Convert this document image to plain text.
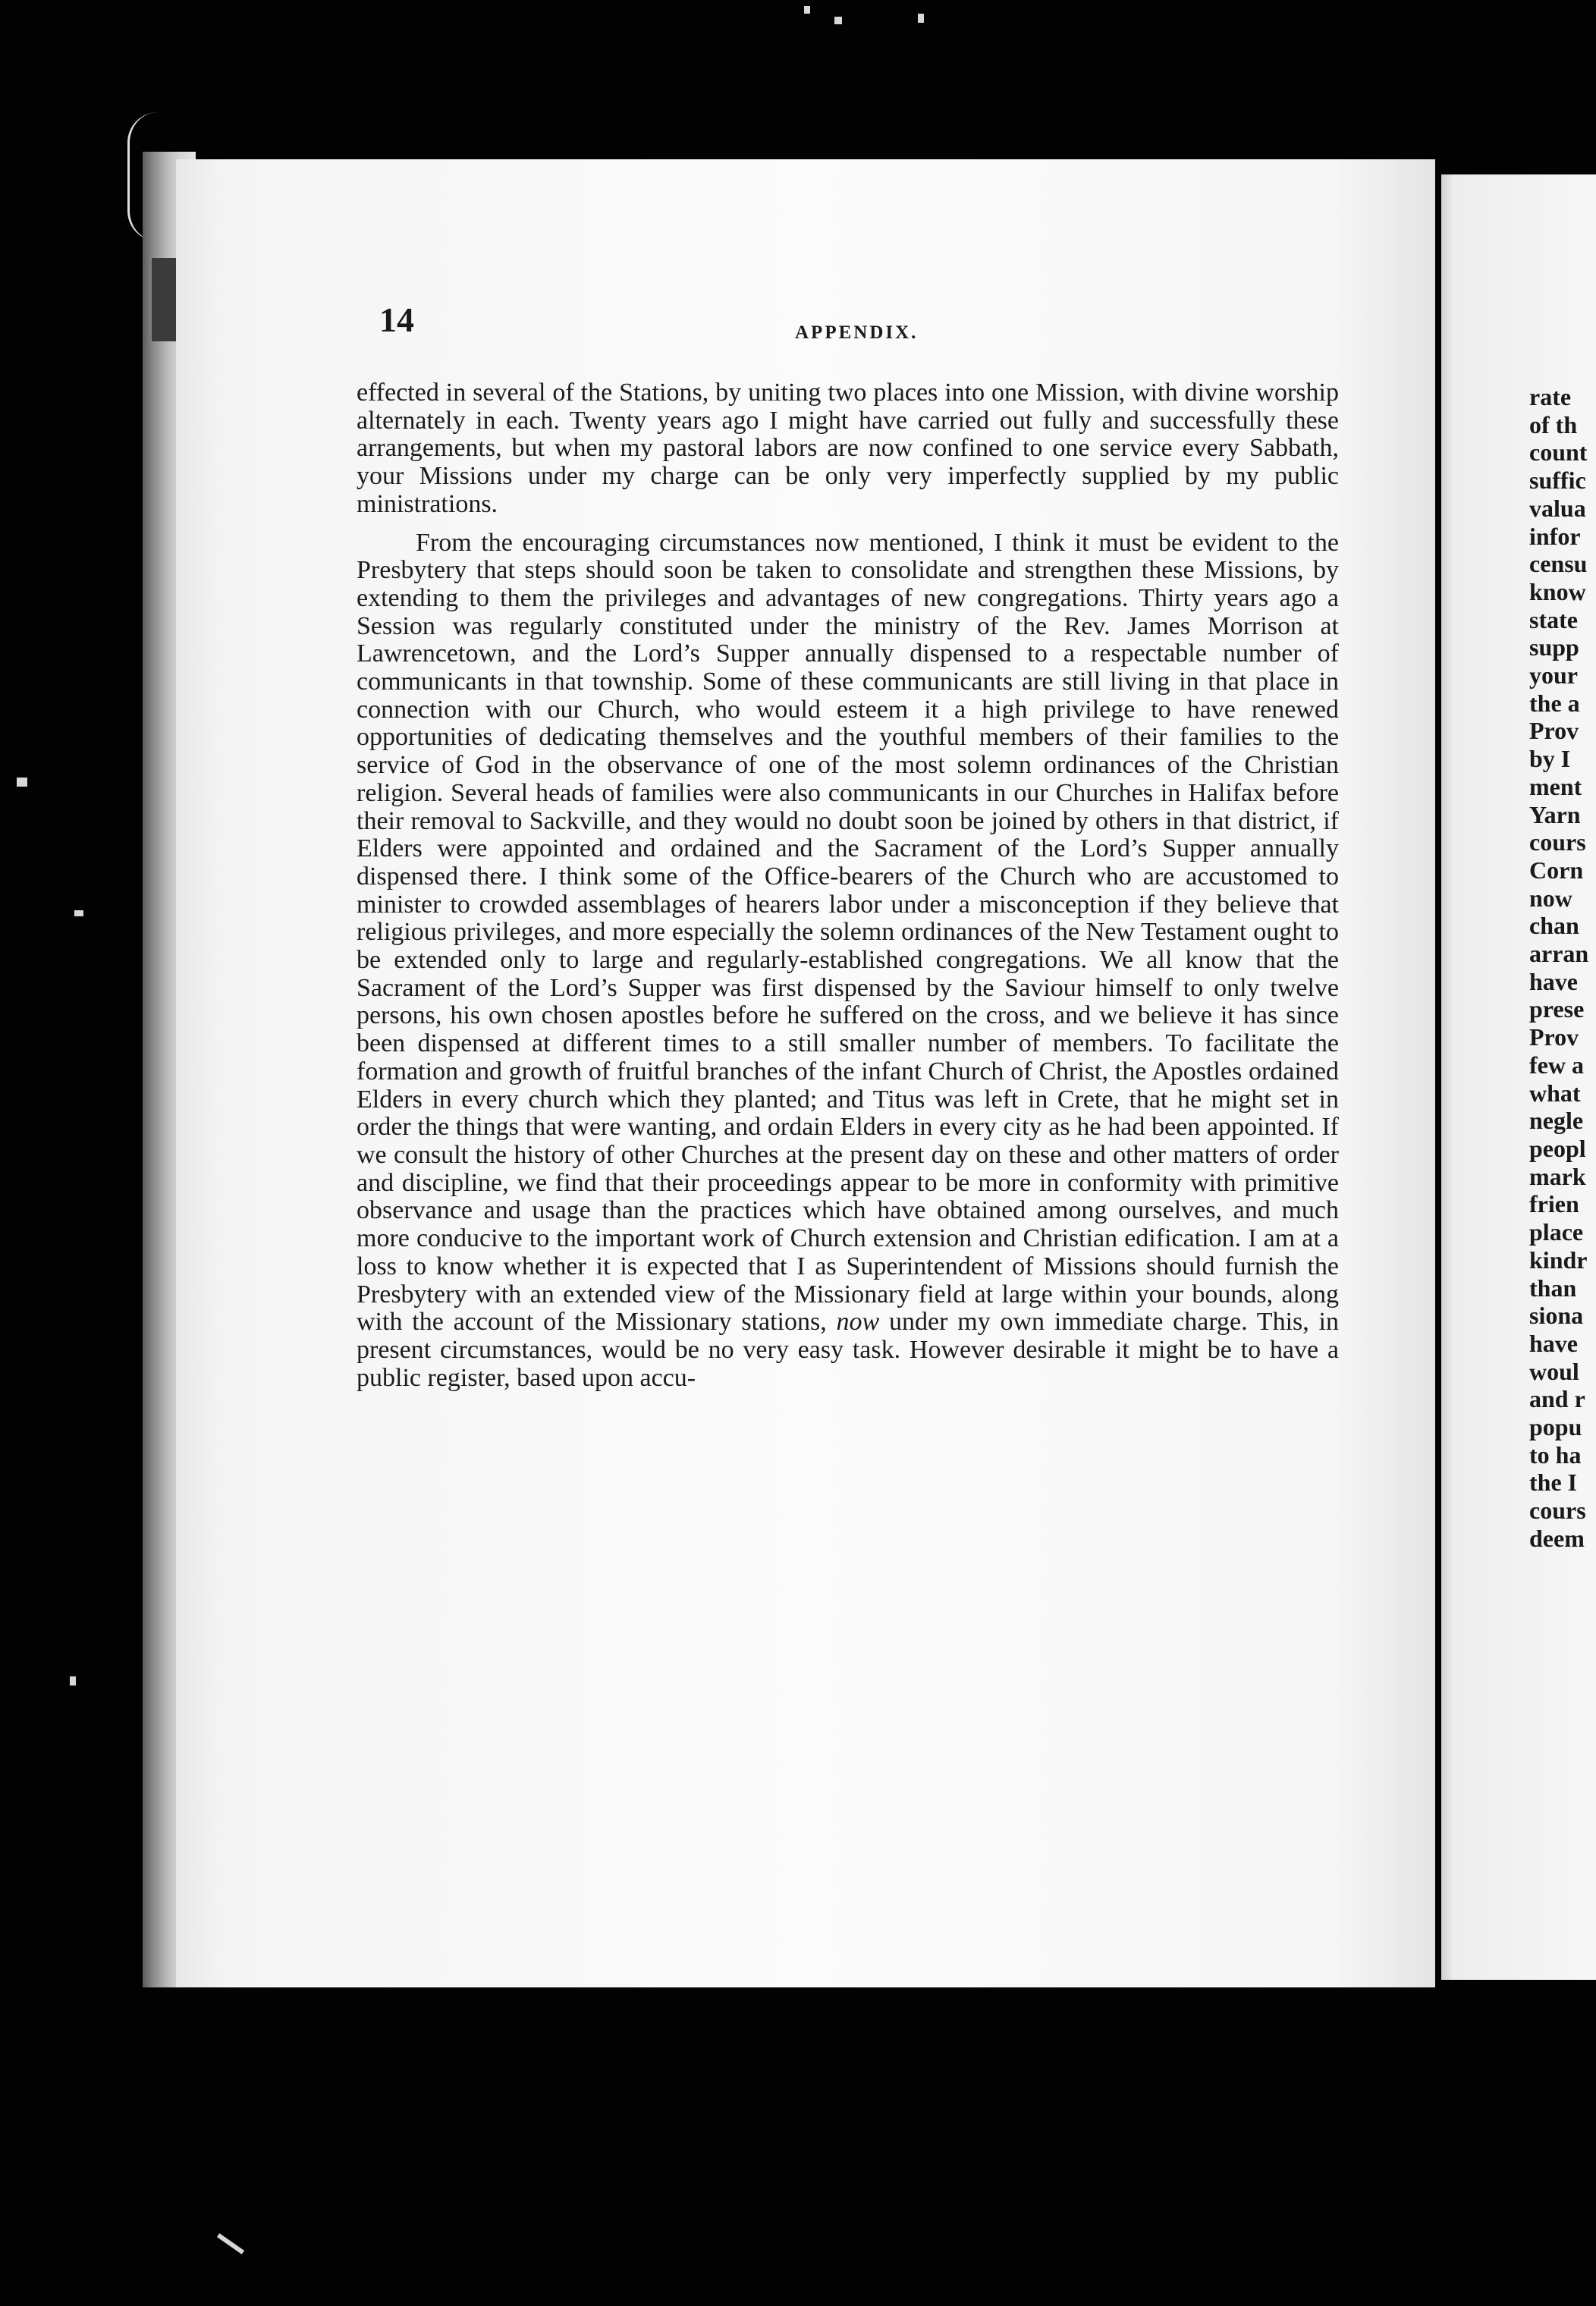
rate
of th
count
suffic
valua
infor
censu
know
state
supp
your
the a
Prov
by I
ment
Yarn
cours
Corn
now
chan
arran
have
prese
Prov
few a
what
negle
peopl
mark
frien
place
kindr
than
siona
have
woul
and r
popu
to ha
the I
cours
deem
14	APPENDIX.

effected in several of the Stations, by uniting two places into one Mission, with divine worship alternately in each. Twenty years ago I might have carried out fully and successfully these arrangements, but when my pastoral labors are now confined to one service every Sabbath, your Missions under my charge can be only very imperfectly supplied by my public ministrations.

From the encouraging circumstances now mentioned, I think it must be evident to the Presbytery that steps should soon be taken to consolidate and strengthen these Missions, by extending to them the privileges and advantages of new congregations. Thirty years ago a Session was regularly constituted under the ministry of the Rev. James Morrison at Lawrencetown, and the Lord’s Supper annually dispensed to a respectable number of communicants in that township. Some of these communicants are still living in that place in connection with our Church, who would esteem it a high privilege to have renewed opportunities of dedicating themselves and the youthful members of their families to the service of God in the observance of one of the most solemn ordinances of the Christian religion. Several heads of families were also communicants in our Churches in Halifax before their removal to Sackville, and they would no doubt soon be joined by others in that district, if Elders were appointed and ordained and the Sacrament of the Lord’s Supper annually dispensed there. I think some of the Office-bearers of the Church who are accustomed to minister to crowded assemblages of hearers labor under a misconception if they believe that religious privileges, and more especially the solemn ordinances of the New Testament ought to be extended only to large and regularly-established congregations. We all know that the Sacrament of the Lord’s Supper was first dispensed by the Saviour himself to only twelve persons, his own chosen apostles before he suffered on the cross, and we believe it has since been dispensed at different times to a still smaller number of members. To facilitate the formation and growth of fruitful branches of the infant Church of Christ, the Apostles ordained Elders in every church which they planted; and Titus was left in Crete, that he might set in order the things that were wanting, and ordain Elders in every city as he had been appointed. If we consult the history of other Churches at the present day on these and other matters of order and discipline, we find that their proceedings appear to be more in conformity with primitive observance and usage than the practices which have obtained among ourselves, and much more conducive to the important work of Church extension and Christian edification. I am at a loss to know whether it is expected that I as Superintendent of Missions should furnish the Presbytery with an extended view of the Missionary field at large within your bounds, along with the account of the Missionary stations, now under my own immediate charge. This, in present circumstances, would be no very easy task. However desirable it might be to have a public register, based upon accu-
